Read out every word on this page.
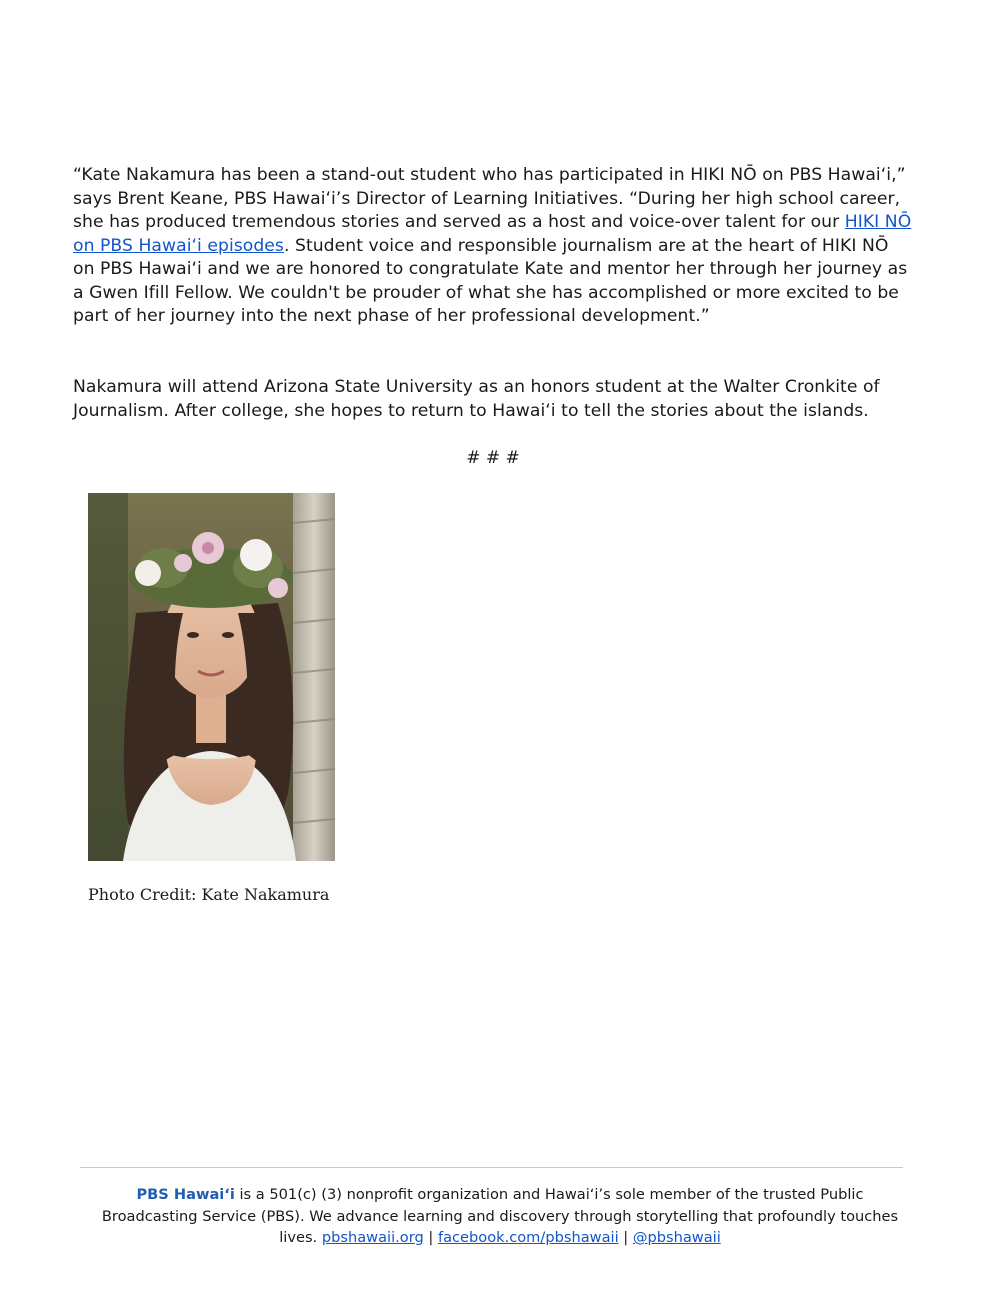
“Kate Nakamura has been a stand-out student who has participated in HIKI NŌ on PBS Hawai‘i,” says Brent Keane, PBS Hawaiʻi’s Director of Learning Initiatives. “During her high school career, she has produced tremendous stories and served as a host and voice-over talent for our HIKI NŌ on PBS Hawaiʻi episodes. Student voice and responsible journalism are at the heart of HIKI NŌ on PBS Hawai‘i and we are honored to congratulate Kate and mentor her through her journey as a Gwen Ifill Fellow. We couldn't be prouder of what she has accomplished or more excited to be part of her journey into the next phase of her professional development.”

Nakamura will attend Arizona State University as an honors student at the Walter Cronkite of Journalism. After college, she hopes to return to Hawaiʻi to tell the stories about the islands.

# # #
Photo Credit: Kate Nakamura
PBS Hawai‘i is a 501(c) (3) nonprofit organization and Hawaiʻi’s sole member of the trusted Public Broadcasting Service (PBS). We advance learning and discovery through storytelling that profoundly touches lives. pbshawaii.org | facebook.com/pbshawaii | @pbshawaii
